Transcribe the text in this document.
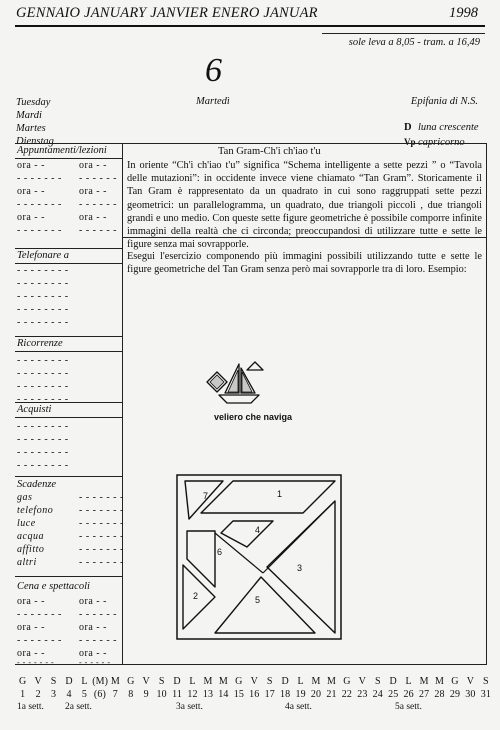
GENNAIO JANUARY JANVIER ENERO JANUAR	1998
sole leva a 8,05 - tram. a 16,49
6
Martedì
Tuesday
Mardi
Martes
Dienstag
Epifania di N.S.
D luna crescente
Vp capricorno
Appuntamenti/lezioni
ora - -	ora - -
- - - - - - - - - - - - -
ora - -	ora - -
- - - - - - - - - - - - -
ora - -	ora - -
- - - - - - - - - - - - -
Telefonare a
- - - - - - - -
- - - - - - - -
- - - - - - - -
- - - - - - - -
- - - - - - - -
Ricorrenze
- - - - - - - -
- - - - - - - -
- - - - - - - -
- - - - - - - -
Acquisti
- - - - - - - -
- - - - - - - -
- - - - - - - -
- - - - - - - -
Scadenze
gas	- - - - - - -
telefono	- - - - - - -
luce	- - - - - - -
acqua	- - - - - - -
affitto	- - - - - - -
altri	- - - - - - -
Cena e spettacoli
ora - -	ora - -
- - - - - - - - - - - - -
ora - -	ora - -
- - - - - - - - - - - - -
ora - -	ora - -
- - - - - - -	- - - - - -
Tan Gram-Ch'i ch'iao t'u
In oriente “Ch'i ch'iao t'u” significa “Schema intelligente a sette pezzi ” o “Tavola delle mutazioni”: in occidente invece viene chiamato “Tan Gram”. Storicamente il Tan Gram è rappresentato da un quadrato in cui sono raggruppati sette pezzi geometrici: un parallelogramma, un quadrato, due triangoli piccoli , due triangoli grandi e uno medio. Con queste sette figure geometriche è possibile comporre infinite immagini della realtà che ci circonda; preoccupandosi di utilizzare tutte e sette le figure senza mai sovrapporle.
Esegui l'esercizio componendo più immagini possibili utilizzando tutte e sette le figure geometriche del Tan Gram senza però mai sovrapporle tra di loro. Esempio:
veliero che naviga
7	1
4
6
3
2	5
G V S D L (M) M G V S D L M M G V S D L M M G V S D L M M G V S
1	2	3	4	5 (6) 7	8	9 10 11 12 13 14 15 16 17 18 19 20 21 22 23 24 25 26 27 28 29 30 31
1a sett. 2a sett.	3a sett.	4a sett.	5a sett.
